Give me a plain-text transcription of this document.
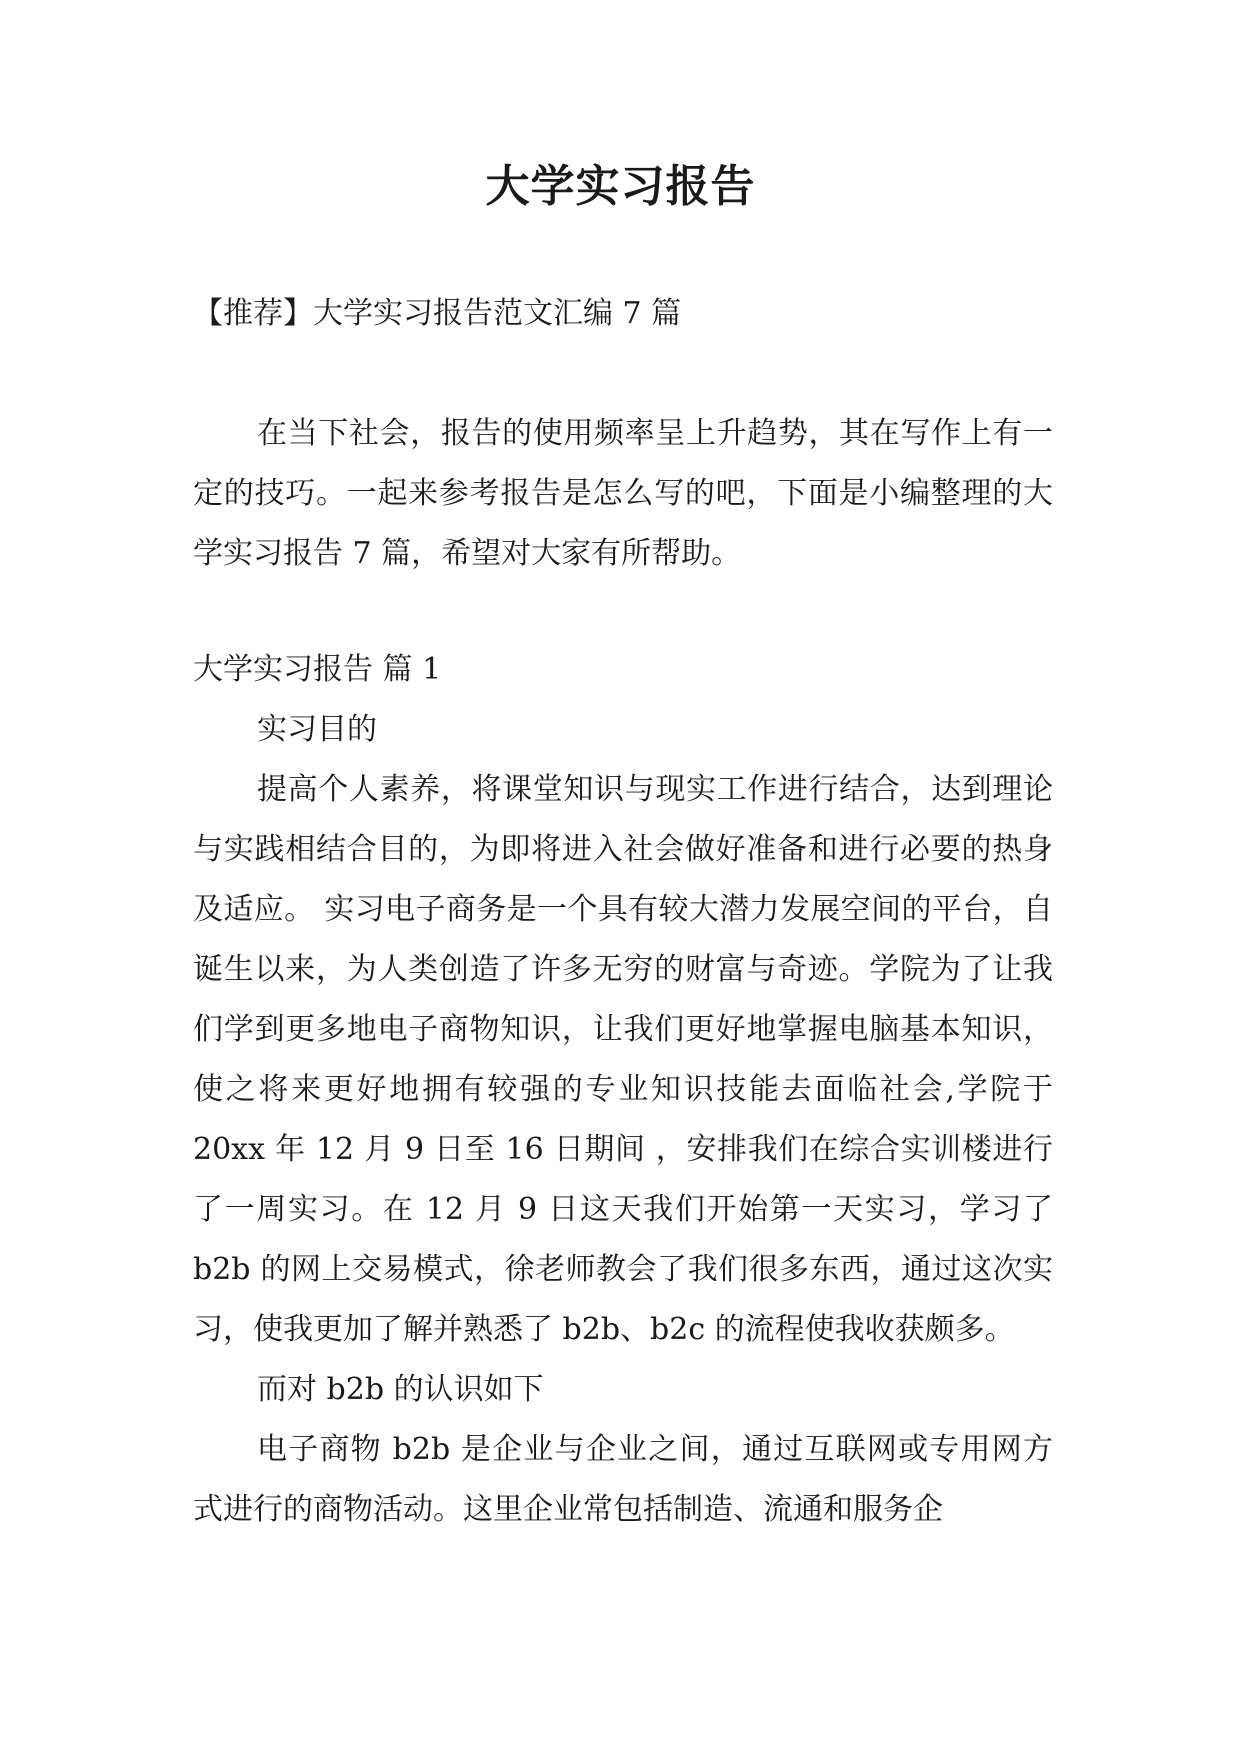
大学实习报告

【推荐】大学实习报告范文汇编 7 篇

在当下社会，报告的使用频率呈上升趋势，其在写作上有一定的技巧。一起来参考报告是怎么写的吧，下面是小编整理的大学实习报告 7 篇，希望对大家有所帮助。

大学实习报告 篇 1

实习目的

提高个人素养，将课堂知识与现实工作进行结合，达到理论与实践相结合目的，为即将进入社会做好准备和进行必要的热身及适应。 实习电子商务是一个具有较大潜力发展空间的平台，自诞生以来，为人类创造了许多无穷的财富与奇迹。学院为了让我们学到更多地电子商物知识，让我们更好地掌握电脑基本知识，使之将来更好地拥有较强的专业知识技能去面临社会,学院于 20xx 年 12 月 9 日至 16 日期间 ，安排我们在综合实训楼进行了一周实习。在 12 月 9 日这天我们开始第一天实习，学习了 b2b 的网上交易模式，徐老师教会了我们很多东西，通过这次实习，使我更加了解并熟悉了 b2b、b2c 的流程使我收获颇多。

而对 b2b 的认识如下

电子商物 b2b 是企业与企业之间，通过互联网或专用网方式进行的商物活动。这里企业常包括制造、流通和服务企
